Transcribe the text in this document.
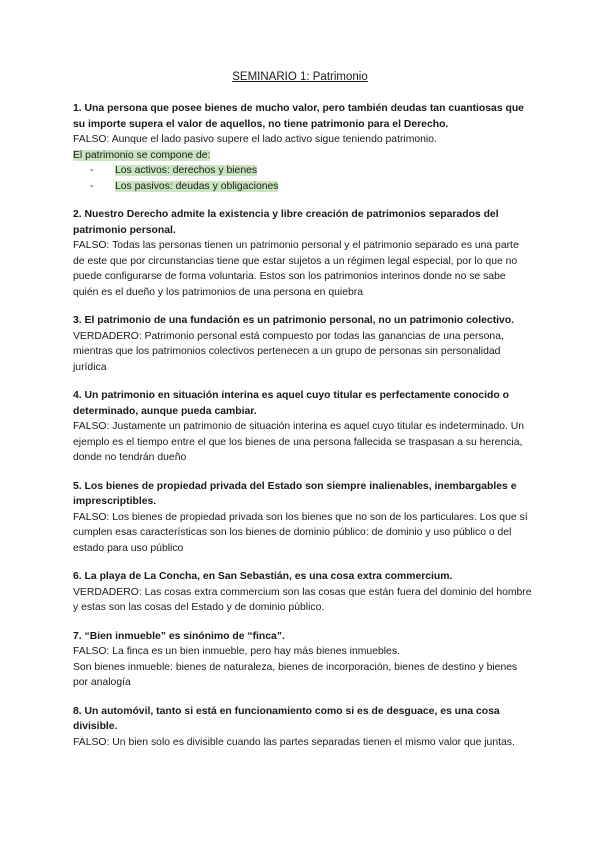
SEMINARIO 1: Patrimonio

1. Una persona que posee bienes de mucho valor, pero también deudas tan cuantiosas que su importe supera el valor de aquellos, no tiene patrimonio para el Derecho.

FALSO: Aunque el lado pasivo supere el lado activo sigue teniendo patrimonio.

El patrimonio se compone de:

- Los activos: derechos y bienes
- Los pasivos: deudas y obligaciones

2. Nuestro Derecho admite la existencia y libre creación de patrimonios separados del patrimonio personal.

FALSO: Todas las personas tienen un patrimonio personal y el patrimonio separado es una parte de este que por circunstancias tiene que estar sujetos a un régimen legal especial, por lo que no puede configurarse de forma voluntaria. Estos son los patrimonios interinos donde no se sabe quién es el dueño y los patrimonios de una persona en quiebra

3. El patrimonio de una fundación es un patrimonio personal, no un patrimonio colectivo.

VERDADERO: Patrimonio personal está compuesto por todas las ganancias de una persona, mientras que los patrimonios colectivos pertenecen a un grupo de personas sin personalidad jurídica

4. Un patrimonio en situación interina es aquel cuyo titular es perfectamente conocido o determinado, aunque pueda cambiar.

FALSO: Justamente un patrimonio de situación interina es aquel cuyo titular es indeterminado. Un ejemplo es el tiempo entre el que los bienes de una persona fallecida se traspasan a su herencia, donde no tendrán dueño

5. Los bienes de propiedad privada del Estado son siempre inalienables, inembargables e imprescriptibles.

FALSO: Los bienes de propiedad privada son los bienes que no son de los particulares. Los que sí cumplen esas características son los bienes de dominio público: de dominio y uso público o del estado para uso público

6. La playa de La Concha, en San Sebastián, es una cosa extra commercium.

VERDADERO: Las cosas extra commercium son las cosas que están fuera del dominio del hombre y estas son las cosas del Estado y de dominio público.

7. “Bien inmueble” es sinónimo de “finca”.

FALSO: La finca es un bien inmueble, pero hay más bienes inmuebles.

Son bienes inmueble: bienes de naturaleza, bienes de incorporación, bienes de destino y bienes por analogía

8. Un automóvil, tanto si está en funcionamiento como si es de desguace, es una cosa divisible.

FALSO: Un bien solo es divisible cuando las partes separadas tienen el mismo valor que juntas.
